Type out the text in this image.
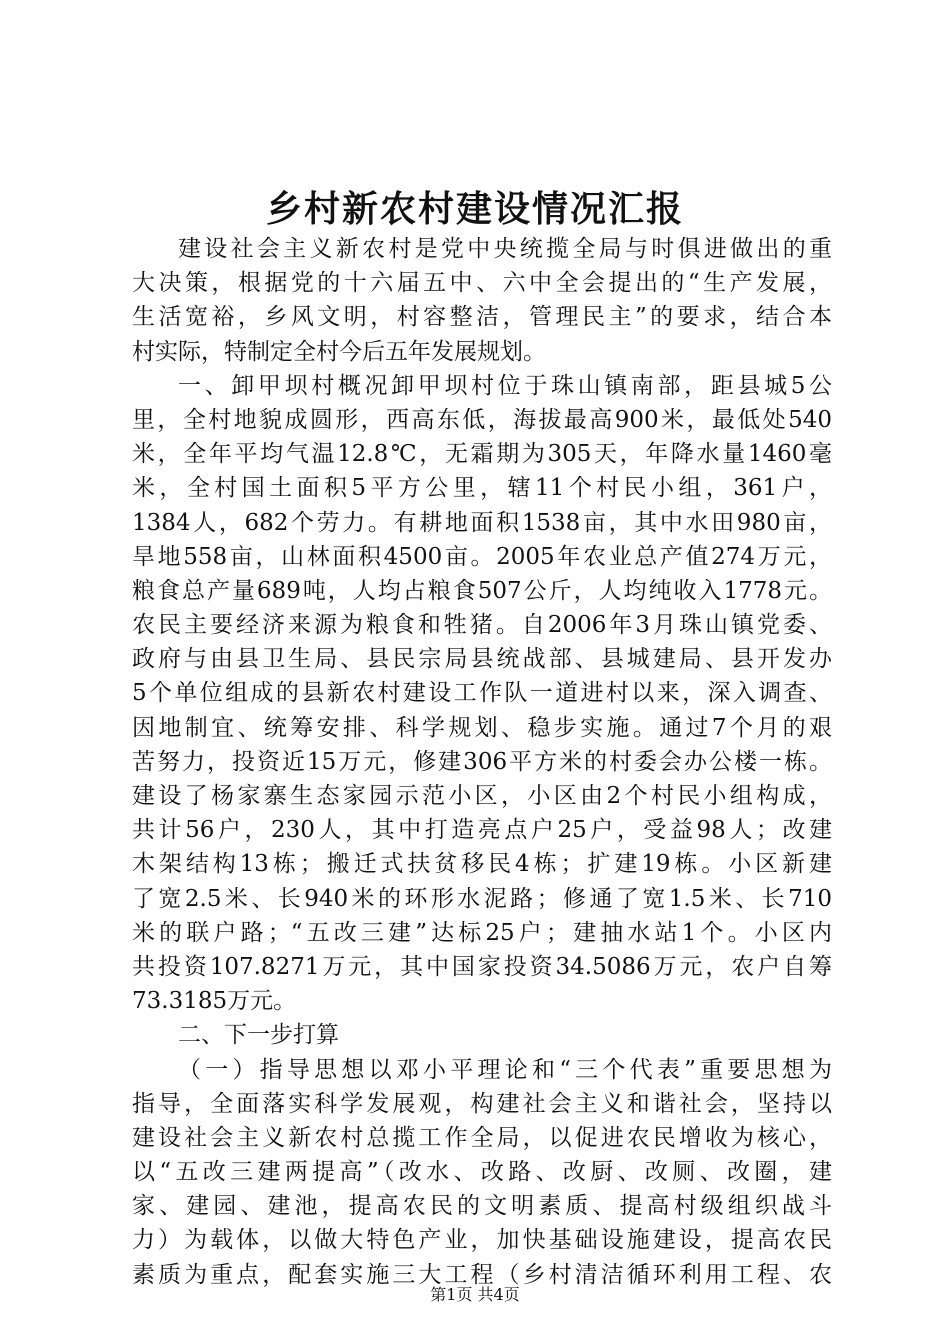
乡村新农村建设情况汇报
建设社会主义新农村是党中央统揽全局与时俱进做出的重
大决策，根据党的十六届五中、六中全会提出的“生产发展，
生活宽裕，乡风文明，村容整洁，管理民主”的要求，结合本
村实际，特制定全村今后五年发展规划。
一、卸甲坝村概况卸甲坝村位于珠山镇南部，距县城5公
里，全村地貌成圆形，西高东低，海拔最高900米，最低处540
米，全年平均气温12.8℃，无霜期为305天，年降水量1460毫
米，全村国土面积5平方公里，辖11个村民小组，361户，
1384人，682个劳力。有耕地面积1538亩，其中水田980亩，
旱地558亩，山林面积4500亩。2005年农业总产值274万元，
粮食总产量689吨，人均占粮食507公斤，人均纯收入1778元。
农民主要经济来源为粮食和牲猪。自2006年3月珠山镇党委、
政府与由县卫生局、县民宗局县统战部、县城建局、县开发办
5个单位组成的县新农村建设工作队一道进村以来，深入调查、
因地制宜、统筹安排、科学规划、稳步实施。通过7个月的艰
苦努力，投资近15万元，修建306平方米的村委会办公楼一栋。
建设了杨家寨生态家园示范小区，小区由2个村民小组构成，
共计56户，230人，其中打造亮点户25户，受益98人；改建
木架结构13栋；搬迁式扶贫移民4栋；扩建19栋。小区新建
了宽2.5米、长940米的环形水泥路；修通了宽1.5米、长710
米的联户路；“五改三建”达标25户；建抽水站1个。小区内
共投资107.8271万元，其中国家投资34.5086万元，农户自筹
73.3185万元。
二、下一步打算
（一）指导思想以邓小平理论和“三个代表”重要思想为
指导，全面落实科学发展观，构建社会主义和谐社会，坚持以
建设社会主义新农村总揽工作全局，以促进农民增收为核心，
以“五改三建两提高”（改水、改路、改厨、改厕、改圈，建
家、建园、建池，提高农民的文明素质、提高村级组织战斗
力）为载体，以做大特色产业，加快基础设施建设，提高农民
素质为重点，配套实施三大工程（乡村清洁循环利用工程、农
第1页 共4页
